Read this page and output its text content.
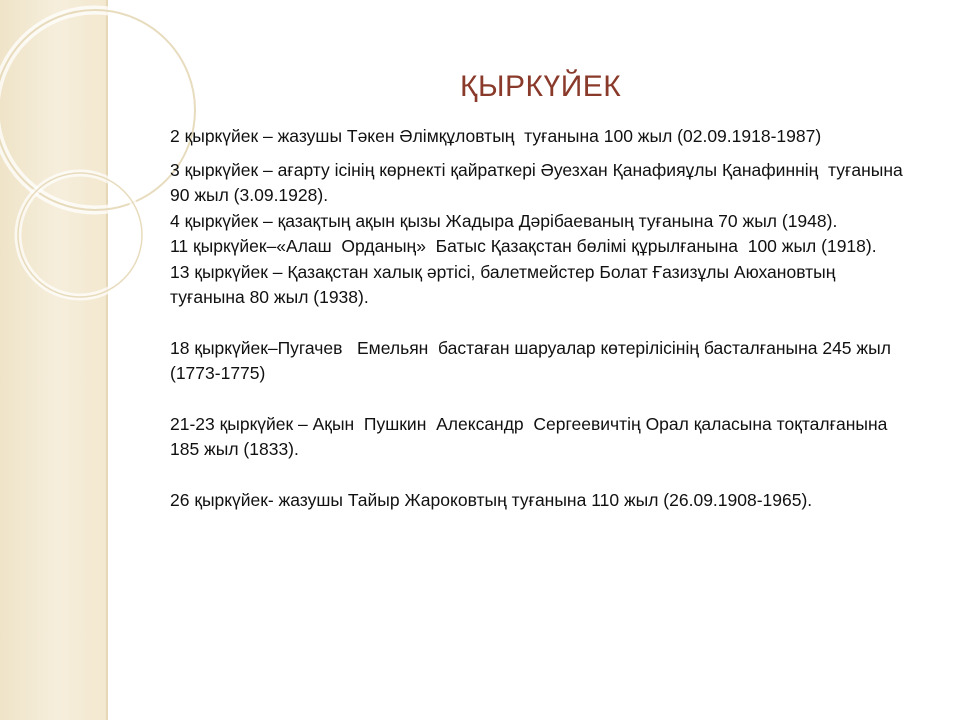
ҚЫРКҮЙЕК

2 қыркүйек – жазушы Тәкен Әлімқұловтың  туғанына 100 жыл (02.09.1918-1987)

3 қыркүйек – ағарту ісінің көрнекті қайраткері Әуезхан Қанафияұлы Қанафиннің  туғанына 90 жыл (3.09.1928).

4 қыркүйек – қазақтың ақын қызы Жадыра Дәрібаеваның туғанына 70 жыл (1948).

11 қыркүйек–«Алаш  Орданың»  Батыс Қазақстан бөлімі құрылғанына  100 жыл (1918).

13 қыркүйек – Қазақстан халық әртісі, балетмейстер Болат Ғазизұлы Аюхановтың туғанына 80 жыл (1938).

18 қыркүйек–Пугачев   Емельян  бастаған шаруалар көтерілісінің басталғанына 245 жыл (1773-1775)

21-23 қыркүйек – Ақын  Пушкин  Александр  Сергеевичтің Орал қаласына тоқталғанына 185 жыл (1833).

26 қыркүйек- жазушы Тайыр Жароковтың туғанына 110 жыл (26.09.1908-1965).
